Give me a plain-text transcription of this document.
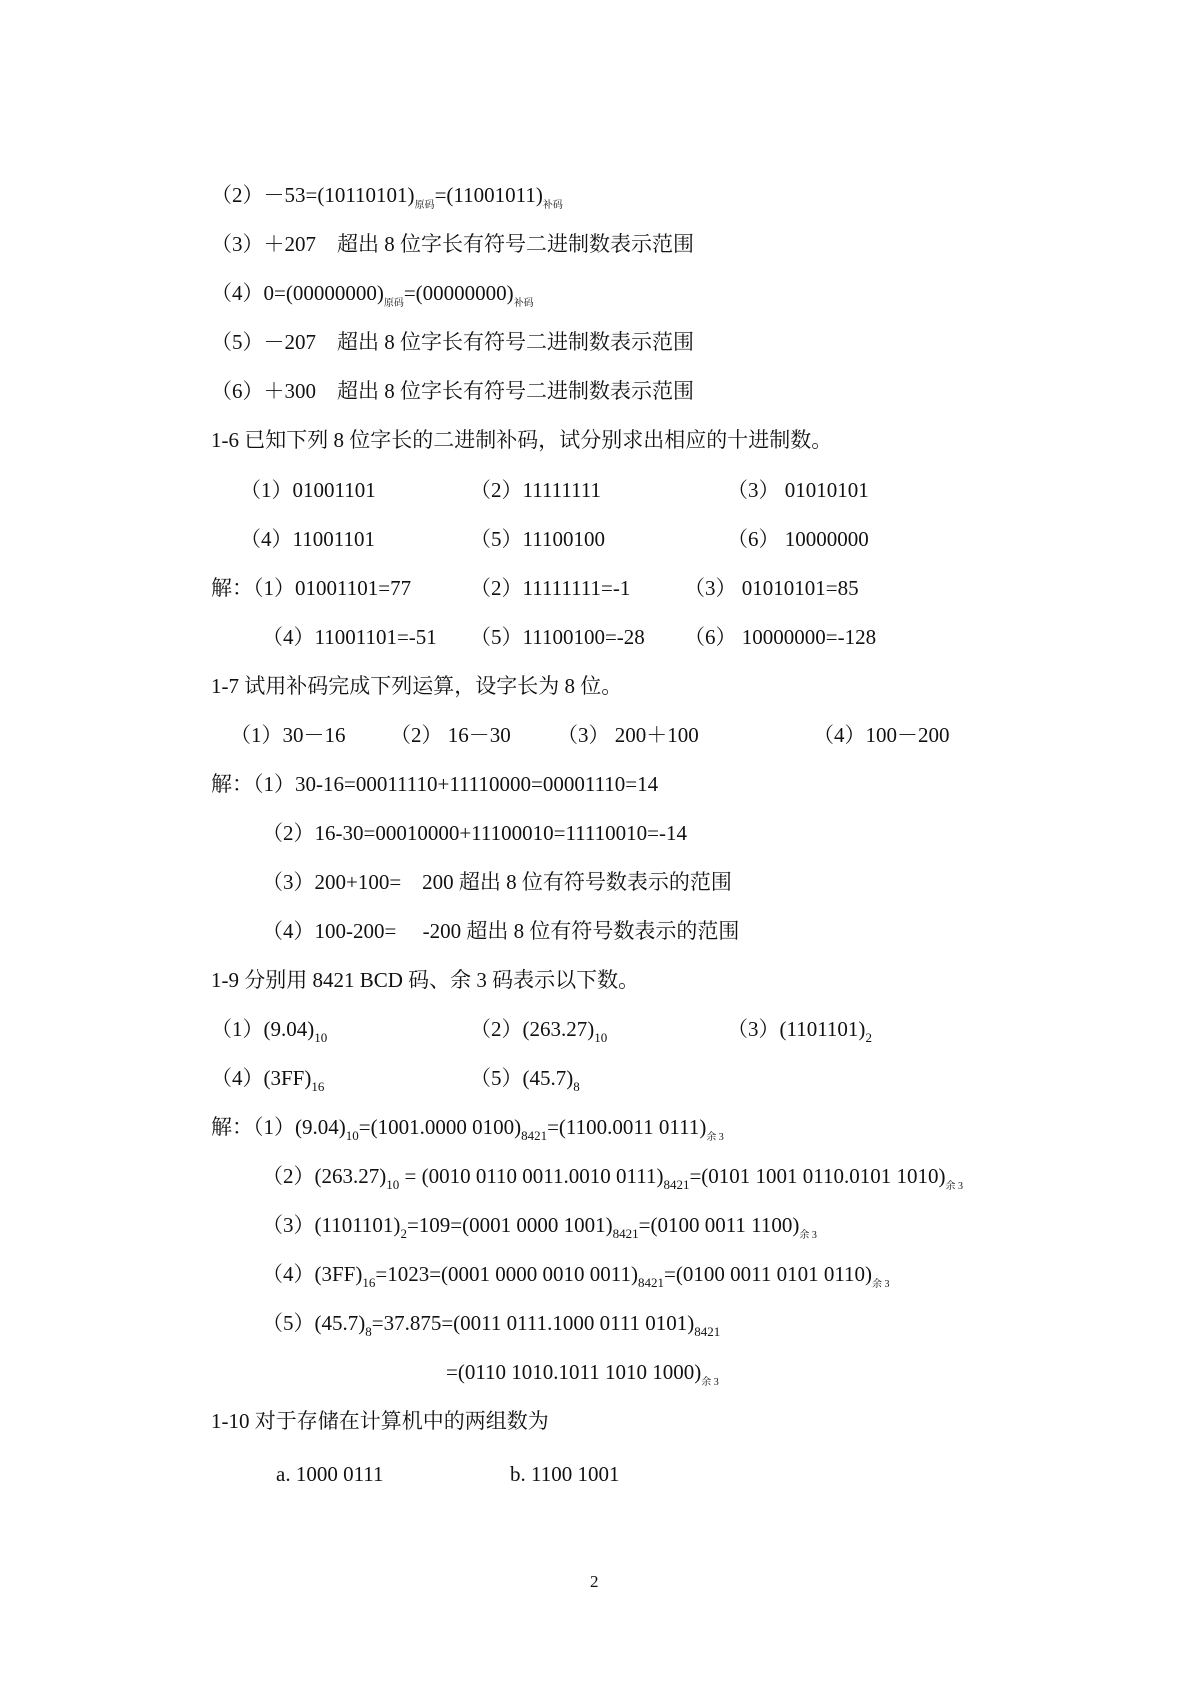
$(2)-53=(10110101)_{原码}=(11001011)_{补码}$
（3）＋207　超出 8 位字长有符号二进制数表示范围
$(4)0=(00000000)_{原码}=(00000000)_{补码}$
（5）－207　超出 8 位字长有符号二进制数表示范围
（6）＋300　超出 8 位字长有符号二进制数表示范围
1-6 已知下列 8 位字长的二进制补码，试分别求出相应的十进制数。
（1）01001101	（2）11111111	（3） 01010101
（4）11001101	（5）11100100	（6） 10000000
解：（1）01001101=77	（2）11111111=-1	（3） 01010101=85
（4）11001101=-51 （5）11100100=-28 （6） 10000000=-128
1-7 试用补码完成下列运算，设字长为 8 位。
（1）30－16 （2） 16－30 （3） 200＋100	（4）100－200
解：（1）30-16=00011110+11110000=00001110=14
（2）16-30=00010000+11100010=11110010=-14
（3）200+100=　200 超出 8 位有符号数表示的范围
（4）100-200=　 -200 超出 8 位有符号数表示的范围
1-9 分别用 8421 BCD 码、余 3 码表示以下数。
$(1)(9.04)_{10}$	$(2)(263.27)_{10}$	$(3)(1101101)_2$
$(4)(3FF)_{16}$	$(5)(45.7)_8$
解：$(1)(9.04)_{10}=(1001.0000$ $0100)_{8421}=(1100.0011$ $0111)_{余 3}$
$(2)(263.27)_{10} = (0010$ 0110 0011.0010 $0111)_{8421}=(0101$ 1001 0110.0101 $1010)_{余 3}$
$(3)(1101101)_2=109=(0001$ 0000 $1001)_{8421}=(0100$ 0011 $1100)_{余 3}$
$(4)(3FF)_{16}=1023=(0001$ 0000 0010 $0011)_{8421}=(0100$ 0011 0101 $0110)_{余 3}$
$(5)(45.7)_8=37.875=(0011$ 0111.1000 0111 $0101)_{8421}$
=(0110 1010.1011 1010 $1000)_{余 3}$
1-10 对于存储在计算机中的两组数为
a. 1000 0111	b. 1100 1001
2
